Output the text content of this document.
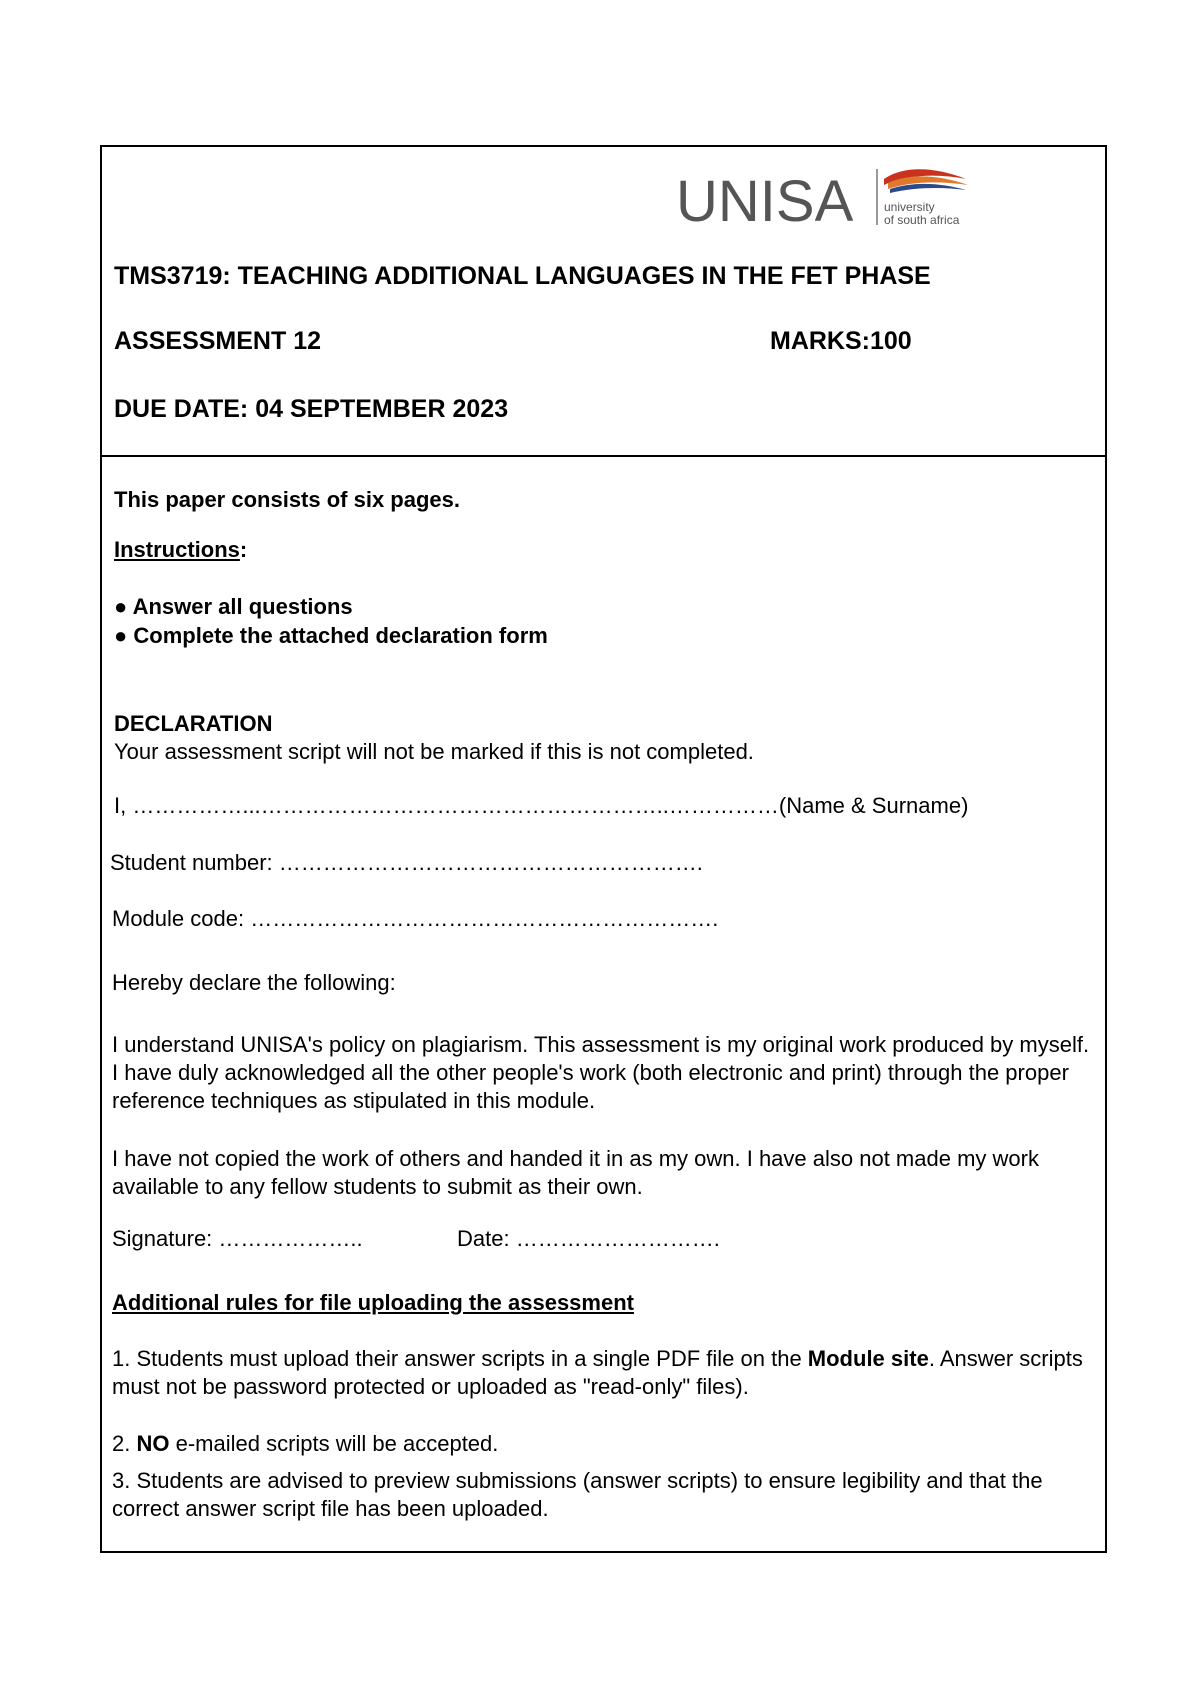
UNISA	university
of south africa
TMS3719: TEACHING ADDITIONAL LANGUAGES IN THE FET PHASE
ASSESSMENT 12	MARKS:100
DUE DATE: 04 SEPTEMBER 2023
This paper consists of six pages.
Instructions:
● Answer all questions
● Complete the attached declaration form
DECLARATION
Your assessment script will not be marked if this is not completed.
I, ……………...………………………………………………..……………(Name & Surname)
Student number: ………………………………………………….
Module code: ……………………………………………………….
Hereby declare the following:
I understand UNISA's policy on plagiarism. This assessment is my original work produced by myself. I have duly acknowledged all the other people's work (both electronic and print) through the proper reference techniques as stipulated in this module.
I have not copied the work of others and handed it in as my own. I have also not made my work available to any fellow students to submit as their own.
Signature: ………………..	Date: ……………………….
Additional rules for file uploading the assessment
1. Students must upload their answer scripts in a single PDF file on the Module site. Answer scripts must not be password protected or uploaded as "read-only" files).
2. NO e-mailed scripts will be accepted.
3. Students are advised to preview submissions (answer scripts) to ensure legibility and that the correct answer script file has been uploaded.
